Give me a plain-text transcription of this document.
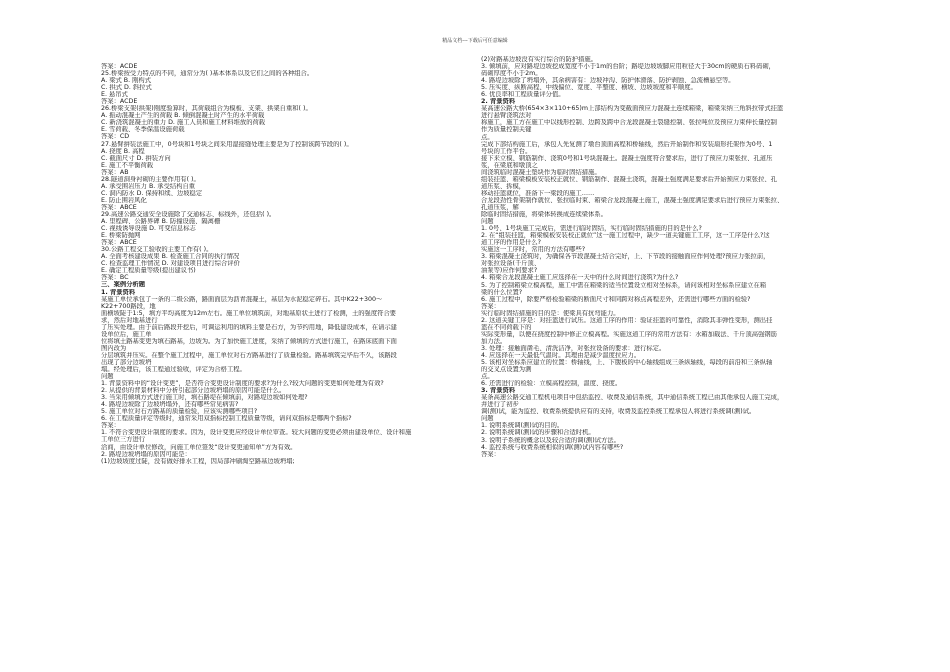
精品文档---下载后可任意编辑
答案：ACDE
25.桥梁按受力特点的不同，通常分为( )基本体系以及它们之间的各种组合。
A. 梁式 B. 刚构式
C. 拱式 D. 斜拉式
E. 悬吊式
答案：ACDE
26.桥梁支架(拱架)刚度验算时，其荷载组合为模板、支架、拱架自重和( )。
A. 振动混凝土产生的荷载 B. 倾倒混凝土时产生的水平荷载
C. 新浇筑混凝土的重力 D. 施工人员和施工材料堆放的荷载
E. 雪荷载、冬季保温设施荷载
答案：CD
27.悬臂拼装法施工中，0号块和1号块之间采用湿接缝处理主要是为了控制该跨节段的( )。
A. 挠度 B. 高程
C. 截面尺寸 D. 拼装方向
E. 施工不平衡荷载
答案：AB
28.隧道洞身衬砌的主要作用有( )。
A. 承受围岩压力 B. 承受结构自重
C. 洞内防水 D. 保持和续、边坡稳定
E. 防止围岩风化
答案：ABCE
29.高速公路交通安全设施除了交通标志、标线外，还包括( )。
A. 里程碑、公路界碑 B. 防撞设施、隔离栅
C. 视线诱导设施 D. 可变信息标志
E. 桥梁防抛网
答案：ABCE
30.公路工程交工验收的主要工作有( )。
A. 全面考核建设成果 B. 检查施工合同的执行情况
C. 检查监理工作情况 D. 对建设项目进行综合评价
E. 确定工程质量等级(提出建议书)
答案：BC
三、案例分析题
1. 背景资料
某施工单位承包了一条的二级公路，路面面层为沥青混凝土，基层为水泥稳定碎石。其中K22+300～
K22+700路段，地
面横坡陡于1:5，填方平均高度为12m左右。施工单位填筑前，对地基原状土进行了检测，土的强度符合要
求，然后对地基进行
了压实处理。由于前后路段开挖后，可调运利用的填料主要是石方，为节约用地，降低建设成本，在请示建
设单位后，施工单
位将填土路基变更为填石路基，边坡为。为了加快施工进度，采纳了倾填的方式进行施工，在路床底面下面
图内改为
分层填筑并压实。在整个施工过程中，施工单位对石方路基进行了质量检验。路基填筑完毕后不久，该路段
出现了部分边坡坍
塌。经处理后，该工程通过验收，评定为合格工程。
问题
1. 背景资料中的“设计变更”，是否符合变更设计制度的要求?为什么?较大问题的变更如何处理为有效?
2. 从提供的背景材料中分析引起部分边坡坍塌的原因可能是什么。
3. 当采用倾填方式进行施工时，填石路堤在倾填前，对路堤边坡如何处理?
4. 路堤边坡除了边坡坍塌外，还有哪些常见病害?
5. 施工单位对石方路基的质量检验，应该实测哪些项目?
6. 在工程质量评定等级时，通常采用双指标控制工程质量等级，请问双指标是哪两个指标?
答案：
1. 不符合变更设计制度的要求。因为，设计变更应经设计单位审查。较大问题的变更必须由建设单位、设计和施
工单位三方进行
洽商，由设计单位修改，向施工单位签发“设计变更通知单”方为有效。
2. 路堤边坡坍塌的原因可能是：
(1)边坡坡度过陡，没有做好排水工程，因局部冲刷淘空路基边坡坍塌;
(2)对路基边坡没有实行综合的防护措施。
3. 倾填前，应对路堤边坡挖成宽度不小于1m的台阶；路堤边坡坡脚应用粒径大于30cm的硬质石料码砌，
码砌厚度不小于2m。
4. 路堤边坡除了坍塌外，其余病害有：边坡冲沟、防护体滑落、防护剥蚀、急流槽悬空等。
5. 压实度、纵断高程、中线偏位、宽度、平整度、横坡、边坡坡度和平顺度。
6. 优良率和工程质量评分值。
2. 背景资料
某高速公路大桥(654×3×110+65)m上部结构为变截面预应力混凝土连续箱梁，箱梁采纳三角斜拉带式挂篮
进行悬臂浇筑法对
称施工，施工方在施工中以线形控制、边跨及跨中合龙段混凝土裂缝控制、张拉吨位及预应力束伸长量控制
作为质量控制关键
点。
完成下部结构施工后，承包人先复测了墩台顶面高程和桥轴线，然后开始制作和安装扇形托架作为0号、1
号块的工作平台。
接下来立模、钢筋制作、浇筑0号和1号块混凝土。混凝土强度符合要求后，进行了预应力束张拉、孔道压
浆，在梁底和墩顶之
间浇筑临时混凝土垫块作为临时固结措施。
组装挂篮、箱梁模板安装校正就位、钢筋制作、混凝土浇筑，混凝土强度满足要求后开始预应力束张拉、孔
道压浆、拆模，
移动挂篮就位，准备下一梁段的施工……
合龙段劲性骨架制作就位、张拉临时束、箱梁合龙段混凝土施工，混凝土强度满足要求后进行预应力束张拉、
孔道压浆，解
除临时固结措施，将梁体转换成连续梁体系。
问题
1. 0号、1号块施工完成后，需进行临时固结，实行临时固结措施的目的是什么?
2. 在“组装挂篮，箱梁模板安装校正就位”这一施工过程中，缺少一道关键施工工序，这一工序是什么?这
道工序的作用是什么?
实施这一工序时，常用的方法有哪些?
3. 箱梁混凝土浇筑时，为确保各节段混凝土结合完好，上、下节段的接触面应作何处理?预应力张拉前，
对张拉设备(千斤顶、
油泵等)应作何要求?
4. 箱梁合龙段混凝土施工应选择在一天中的什么时间进行浇筑?为什么?
5. 为了控制箱梁立模高程，施工中需在箱梁的适当位置设立相对坐标系，请问该相对坐标系应建立在箱
梁的什么位置?
6. 施工过程中，除要严格检验箱梁的断面尺寸和同跨对称点高程差外，还需进行哪些方面的检验?
答案：
实行临时固结措施的目的是：使梁具有抗弯能力。
2. 这道关键工序是：对挂篮进行试压。这道工序的作用：验证挂篮的可靠性，消除其非弹性变形，测出挂
篮在不同荷载下的
实际变形量，以便在挠度控制中修正立模高程。实施这道工序的常用方法有：水箱加载法、千斤顶高强钢筋
加力法。
3. 处理：接触面凿毛、清洗洁净，对张拉设备的要求：进行标定。
4. 应选择在一天最低气温时。其理由是减少温度拉应力。
5. 该相对坐标系应建立的位置：桥轴线，上、下腹板的中心轴线组成三条纵轴线，每段的前沿和三条纵轴
的交叉点设置为测
点。
6. 还需进行的检验：立模高程控制，温度、挠度。
3. 背景资料
某条高速公路交通工程机电项目中包括监控、收费及通信系统，其中通信系统工程已由其他承包人施工完成，
并进行了初步
调(测)试，能为监控、收费系统提供应有的支持，收费及监控系统工程承包人将进行系统调(测)试。
问题
1. 说明系统调(测)试的目的。
2. 说明系统调(测)试的步骤和合适时机。
3. 说明子系统的概念以及较合适的调(测)试方法。
4. 监控系统与收费系统相似的调(测)试内容有哪些?
答案：
